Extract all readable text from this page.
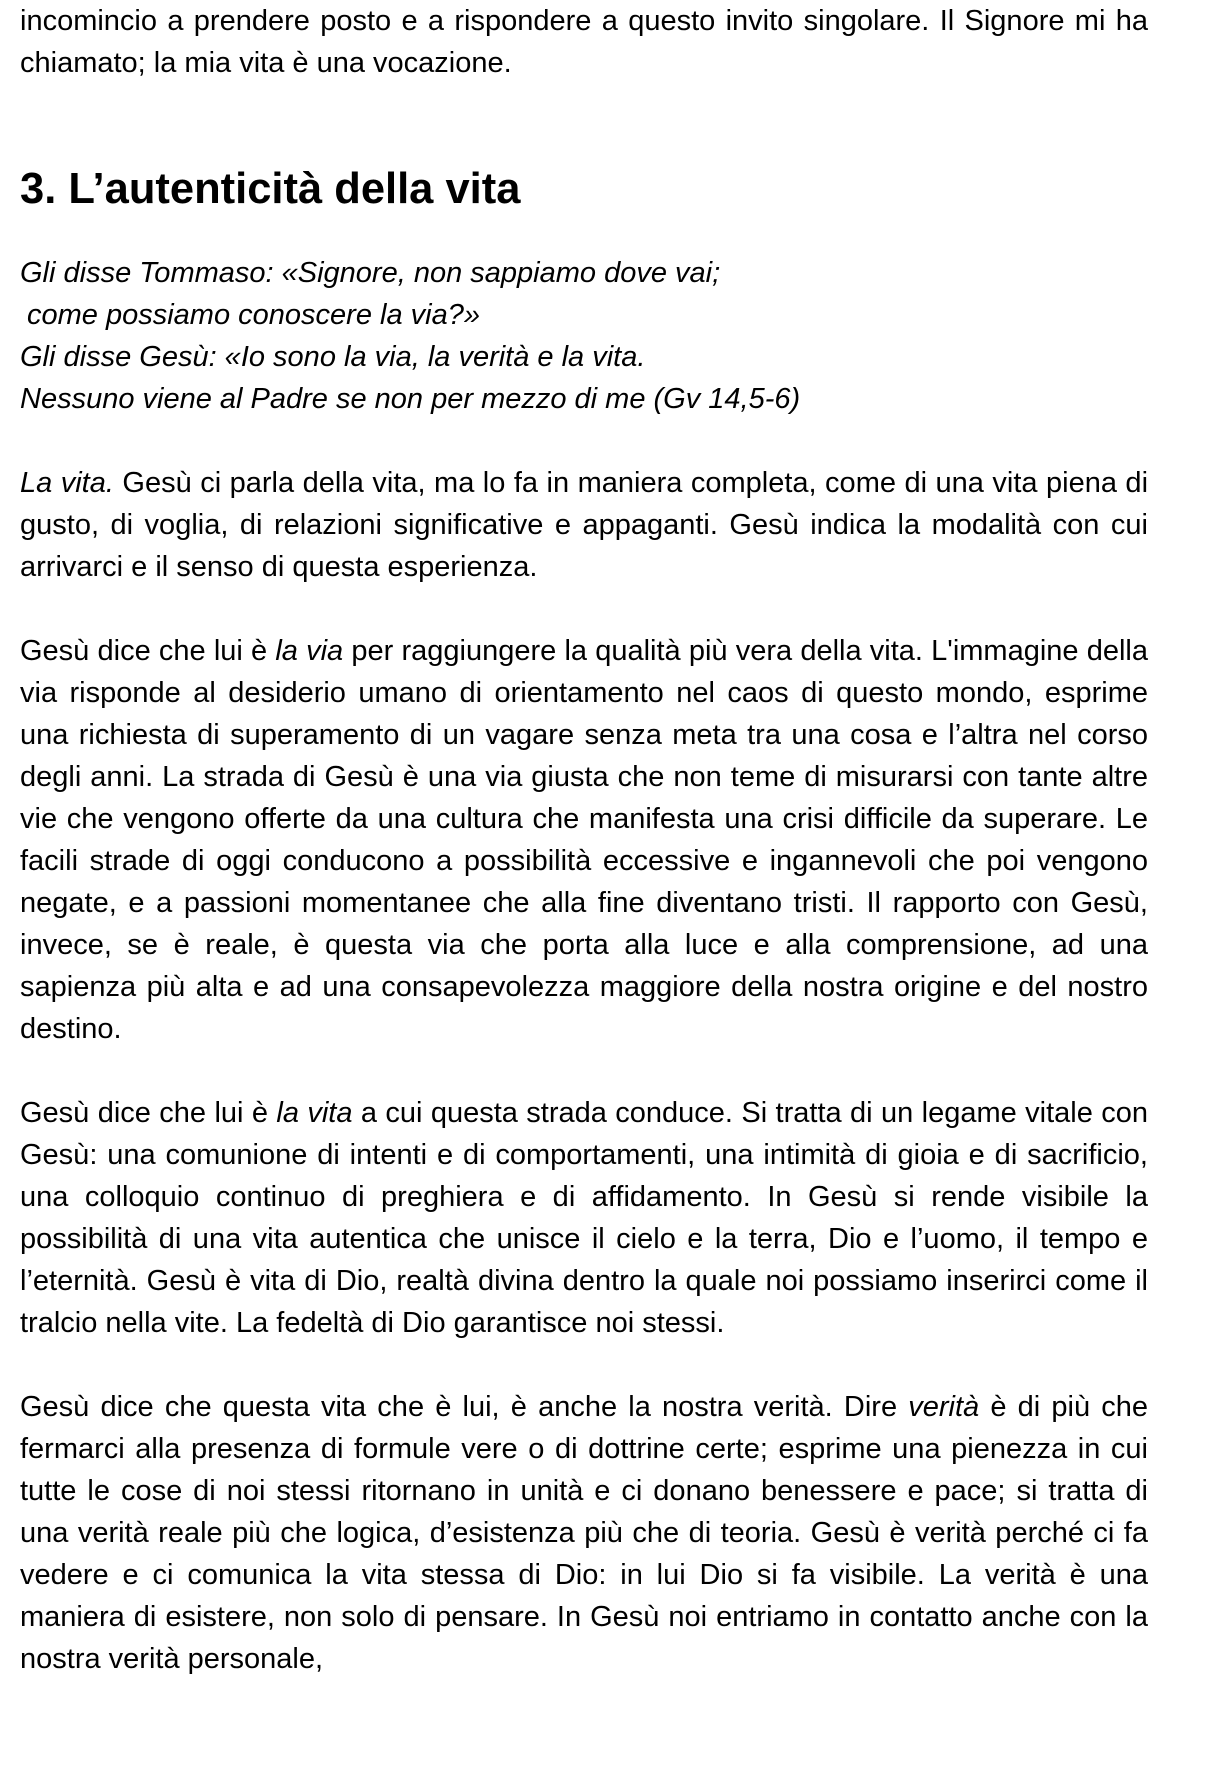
incomincio a prendere posto e a rispondere a questo invito singolare. Il Signore mi ha chiamato; la mia vita è una vocazione.

3. L’autenticità della vita
Gli disse Tommaso: «Signore, non sappiamo dove vai;
come possiamo conoscere la via?»
Gli disse Gesù: «Io sono la via, la verità e la vita.
Nessuno viene al Padre se non per mezzo di me (Gv 14,5-6)

La vita. Gesù ci parla della vita, ma lo fa in maniera completa, come di una vita piena di gusto, di voglia, di relazioni significative e appaganti. Gesù indica la modalità con cui arrivarci e il senso di questa esperienza.

Gesù dice che lui è la via per raggiungere la qualità più vera della vita. L'immagine della via risponde al desiderio umano di orientamento nel caos di questo mondo, esprime una richiesta di superamento di un vagare senza meta tra una cosa e l’altra nel corso degli anni. La strada di Gesù è una via giusta che non teme di misurarsi con tante altre vie che vengono offerte da una cultura che manifesta una crisi difficile da superare. Le facili strade di oggi conducono a possibilità eccessive e ingannevoli che poi vengono negate, e a passioni momentanee che alla fine diventano tristi. Il rapporto con Gesù, invece, se è reale, è questa via che porta alla luce e alla comprensione, ad una sapienza più alta e ad una consapevolezza maggiore della nostra origine e del nostro destino.

Gesù dice che lui è la vita a cui questa strada conduce. Si tratta di un legame vitale con Gesù: una comunione di intenti e di comportamenti, una intimità di gioia e di sacrificio, una colloquio continuo di preghiera e di affidamento. In Gesù si rende visibile la possibilità di una vita autentica che unisce il cielo e la terra, Dio e l’uomo, il tempo e l’eternità. Gesù è vita di Dio, realtà divina dentro la quale noi possiamo inserirci come il tralcio nella vite. La fedeltà di Dio garantisce noi stessi.

Gesù dice che questa vita che è lui, è anche la nostra verità. Dire verità è di più che fermarci alla presenza di formule vere o di dottrine certe; esprime una pienezza in cui tutte le cose di noi stessi ritornano in unità e ci donano benessere e pace; si tratta di una verità reale più che logica, d’esistenza più che di teoria. Gesù è verità perché ci fa vedere e ci comunica la vita stessa di Dio: in lui Dio si fa visibile. La verità è una maniera di esistere, non solo di pensare. In Gesù noi entriamo in contatto anche con la nostra verità personale,
